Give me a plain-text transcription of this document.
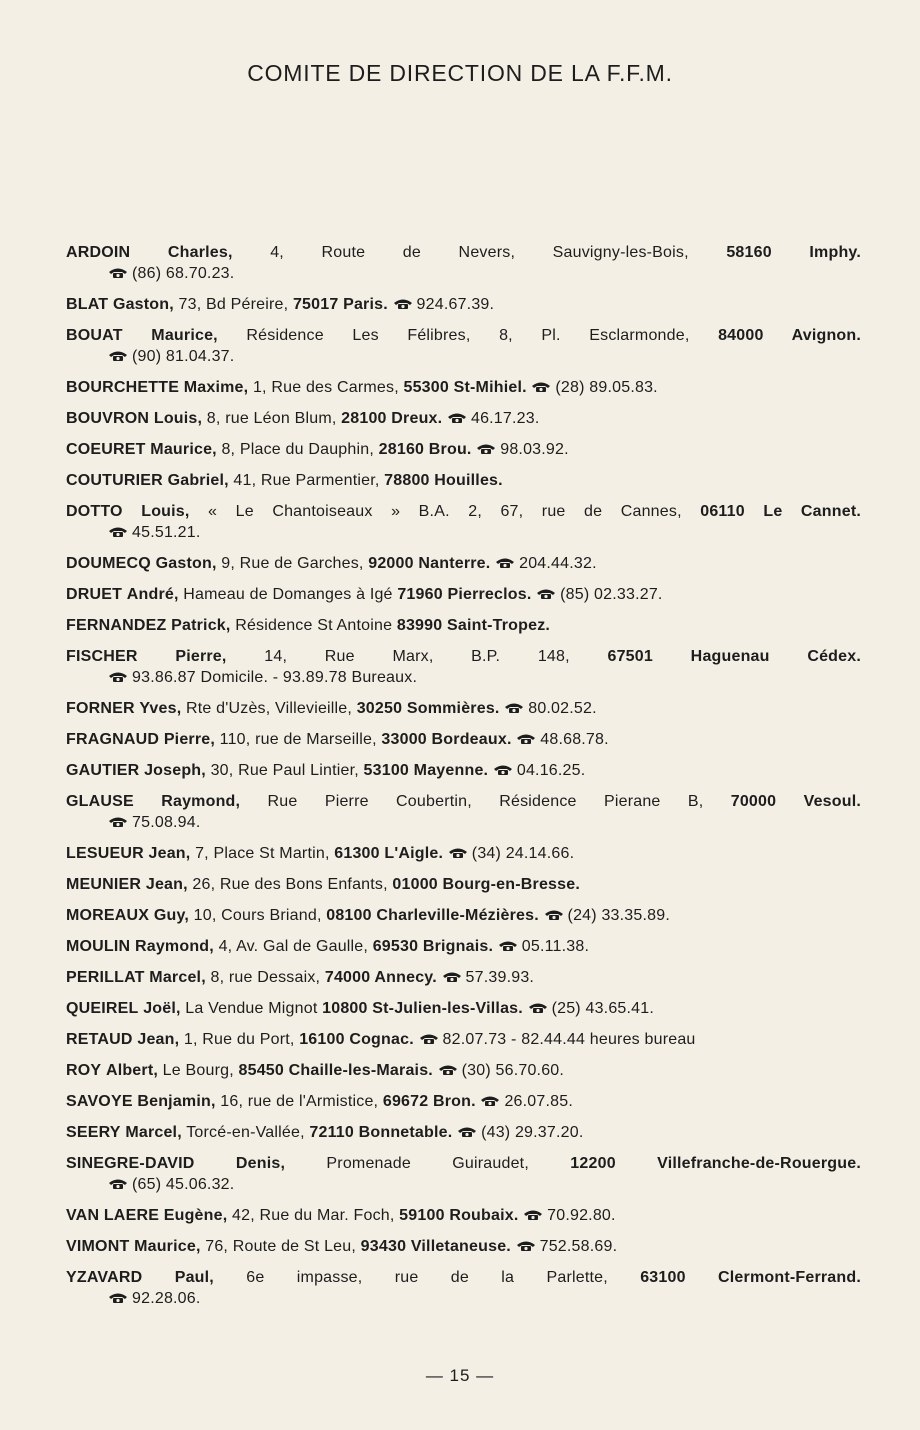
COMITE DE DIRECTION DE LA F.F.M.
ARDOIN Charles, 4, Route de Nevers, Sauvigny-les-Bois, 58160 Imphy.
(86) 68.70.23.
BLAT Gaston, 73, Bd Péreire, 75017 Paris. 924.67.39.
BOUAT Maurice, Résidence Les Félibres, 8, Pl. Esclarmonde, 84000 Avignon.
(90) 81.04.37.
BOURCHETTE Maxime, 1, Rue des Carmes, 55300 St-Mihiel. (28) 89.05.83.
BOUVRON Louis, 8, rue Léon Blum, 28100 Dreux. 46.17.23.
COEURET Maurice, 8, Place du Dauphin, 28160 Brou. 98.03.92.
COUTURIER Gabriel, 41, Rue Parmentier, 78800 Houilles.
DOTTO Louis, « Le Chantoiseaux » B.A. 2, 67, rue de Cannes, 06110 Le Cannet.
45.51.21.
DOUMECQ Gaston, 9, Rue de Garches, 92000 Nanterre. 204.44.32.
DRUET André, Hameau de Domanges à Igé 71960 Pierreclos. (85) 02.33.27.
FERNANDEZ Patrick, Résidence St Antoine 83990 Saint-Tropez.
FISCHER Pierre, 14, Rue Marx, B.P. 148, 67501 Haguenau Cédex.
93.86.87 Domicile. - 93.89.78 Bureaux.
FORNER Yves, Rte d'Uzès, Villevieille, 30250 Sommières. 80.02.52.
FRAGNAUD Pierre, 110, rue de Marseille, 33000 Bordeaux. 48.68.78.
GAUTIER Joseph, 30, Rue Paul Lintier, 53100 Mayenne. 04.16.25.
GLAUSE Raymond, Rue Pierre Coubertin, Résidence Pierane B, 70000 Vesoul.
75.08.94.
LESUEUR Jean, 7, Place St Martin, 61300 L'Aigle. (34) 24.14.66.
MEUNIER Jean, 26, Rue des Bons Enfants, 01000 Bourg-en-Bresse.
MOREAUX Guy, 10, Cours Briand, 08100 Charleville-Mézières. (24) 33.35.89.
MOULIN Raymond, 4, Av. Gal de Gaulle, 69530 Brignais. 05.11.38.
PERILLAT Marcel, 8, rue Dessaix, 74000 Annecy. 57.39.93.
QUEIREL Joël, La Vendue Mignot 10800 St-Julien-les-Villas. (25) 43.65.41.
RETAUD Jean, 1, Rue du Port, 16100 Cognac. 82.07.73 - 82.44.44 heures bureau
ROY Albert, Le Bourg, 85450 Chaille-les-Marais. (30) 56.70.60.
SAVOYE Benjamin, 16, rue de l'Armistice, 69672 Bron. 26.07.85.
SEERY Marcel, Torcé-en-Vallée, 72110 Bonnetable. (43) 29.37.20.
SINEGRE-DAVID	Denis, Promenade Guiraudet, 12200 Villefranche-de-Rouergue.
(65) 45.06.32.
VAN LAERE Eugène, 42, Rue du Mar. Foch, 59100 Roubaix. 70.92.80.
VIMONT Maurice, 76, Route de St Leu, 93430 Villetaneuse. 752.58.69.
YZAVARD Paul, 6e impasse, rue de la Parlette, 63100 Clermont-Ferrand.
92.28.06.
— 15 —
